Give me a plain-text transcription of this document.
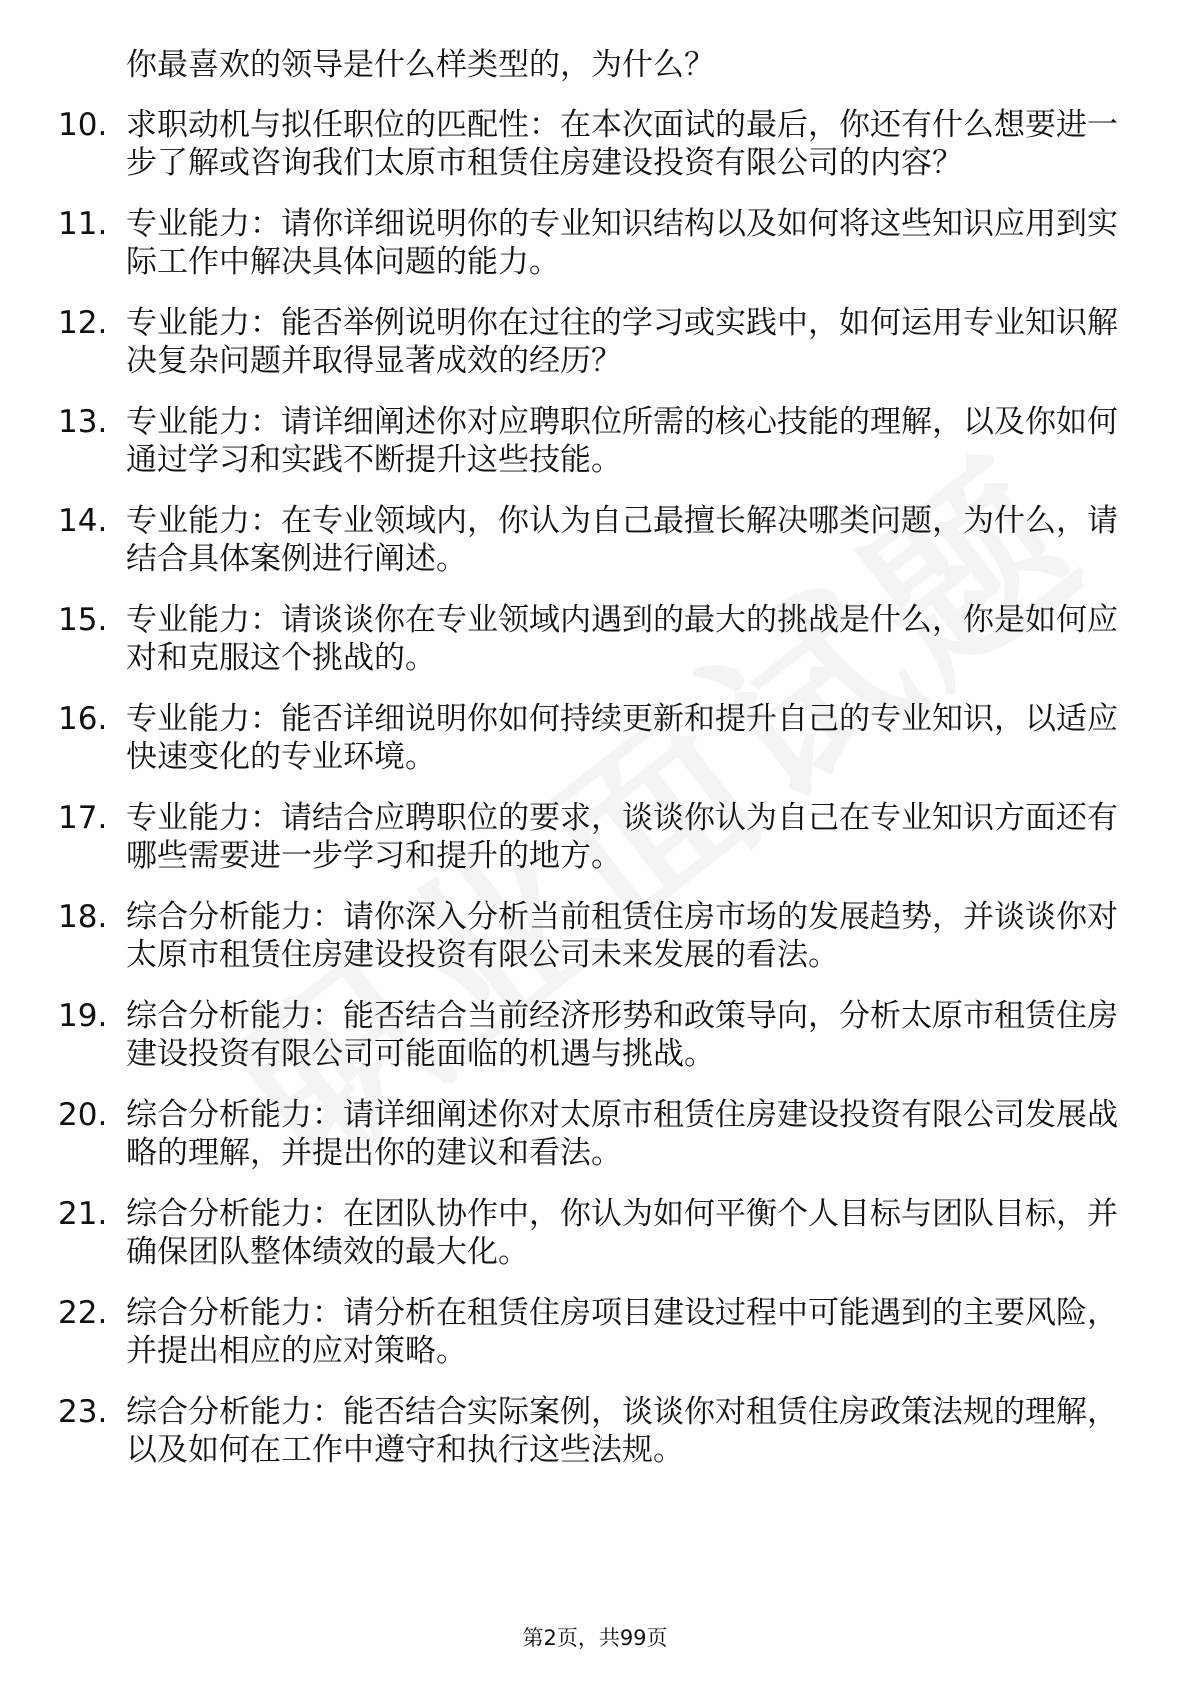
你最喜欢的领导是什么样类型的，为什么？
10. 求职动机与拟任职位的匹配性：在本次面试的最后，你还有什么想要进一步了解或咨询我们太原市租赁住房建设投资有限公司的内容？
11. 专业能力：请你详细说明你的专业知识结构以及如何将这些知识应用到实际工作中解决具体问题的能力。
12. 专业能力：能否举例说明你在过往的学习或实践中，如何运用专业知识解决复杂问题并取得显著成效的经历？
13. 专业能力：请详细阐述你对应聘职位所需的核心技能的理解，以及你如何通过学习和实践不断提升这些技能。
14. 专业能力：在专业领域内，你认为自己最擅长解决哪类问题，为什么，请结合具体案例进行阐述。
15. 专业能力：请谈谈你在专业领域内遇到的最大的挑战是什么，你是如何应对和克服这个挑战的。
16. 专业能力：能否详细说明你如何持续更新和提升自己的专业知识，以适应快速变化的专业环境。
17. 专业能力：请结合应聘职位的要求，谈谈你认为自己在专业知识方面还有哪些需要进一步学习和提升的地方。
18. 综合分析能力：请你深入分析当前租赁住房市场的发展趋势，并谈谈你对太原市租赁住房建设投资有限公司未来发展的看法。
19. 综合分析能力：能否结合当前经济形势和政策导向，分析太原市租赁住房建设投资有限公司可能面临的机遇与挑战。
20. 综合分析能力：请详细阐述你对太原市租赁住房建设投资有限公司发展战略的理解，并提出你的建议和看法。
21. 综合分析能力：在团队协作中，你认为如何平衡个人目标与团队目标，并确保团队整体绩效的最大化。
22. 综合分析能力：请分析在租赁住房项目建设过程中可能遇到的主要风险，并提出相应的应对策略。
23. 综合分析能力：能否结合实际案例，谈谈你对租赁住房政策法规的理解，以及如何在工作中遵守和执行这些法规。
第2页，共99页
